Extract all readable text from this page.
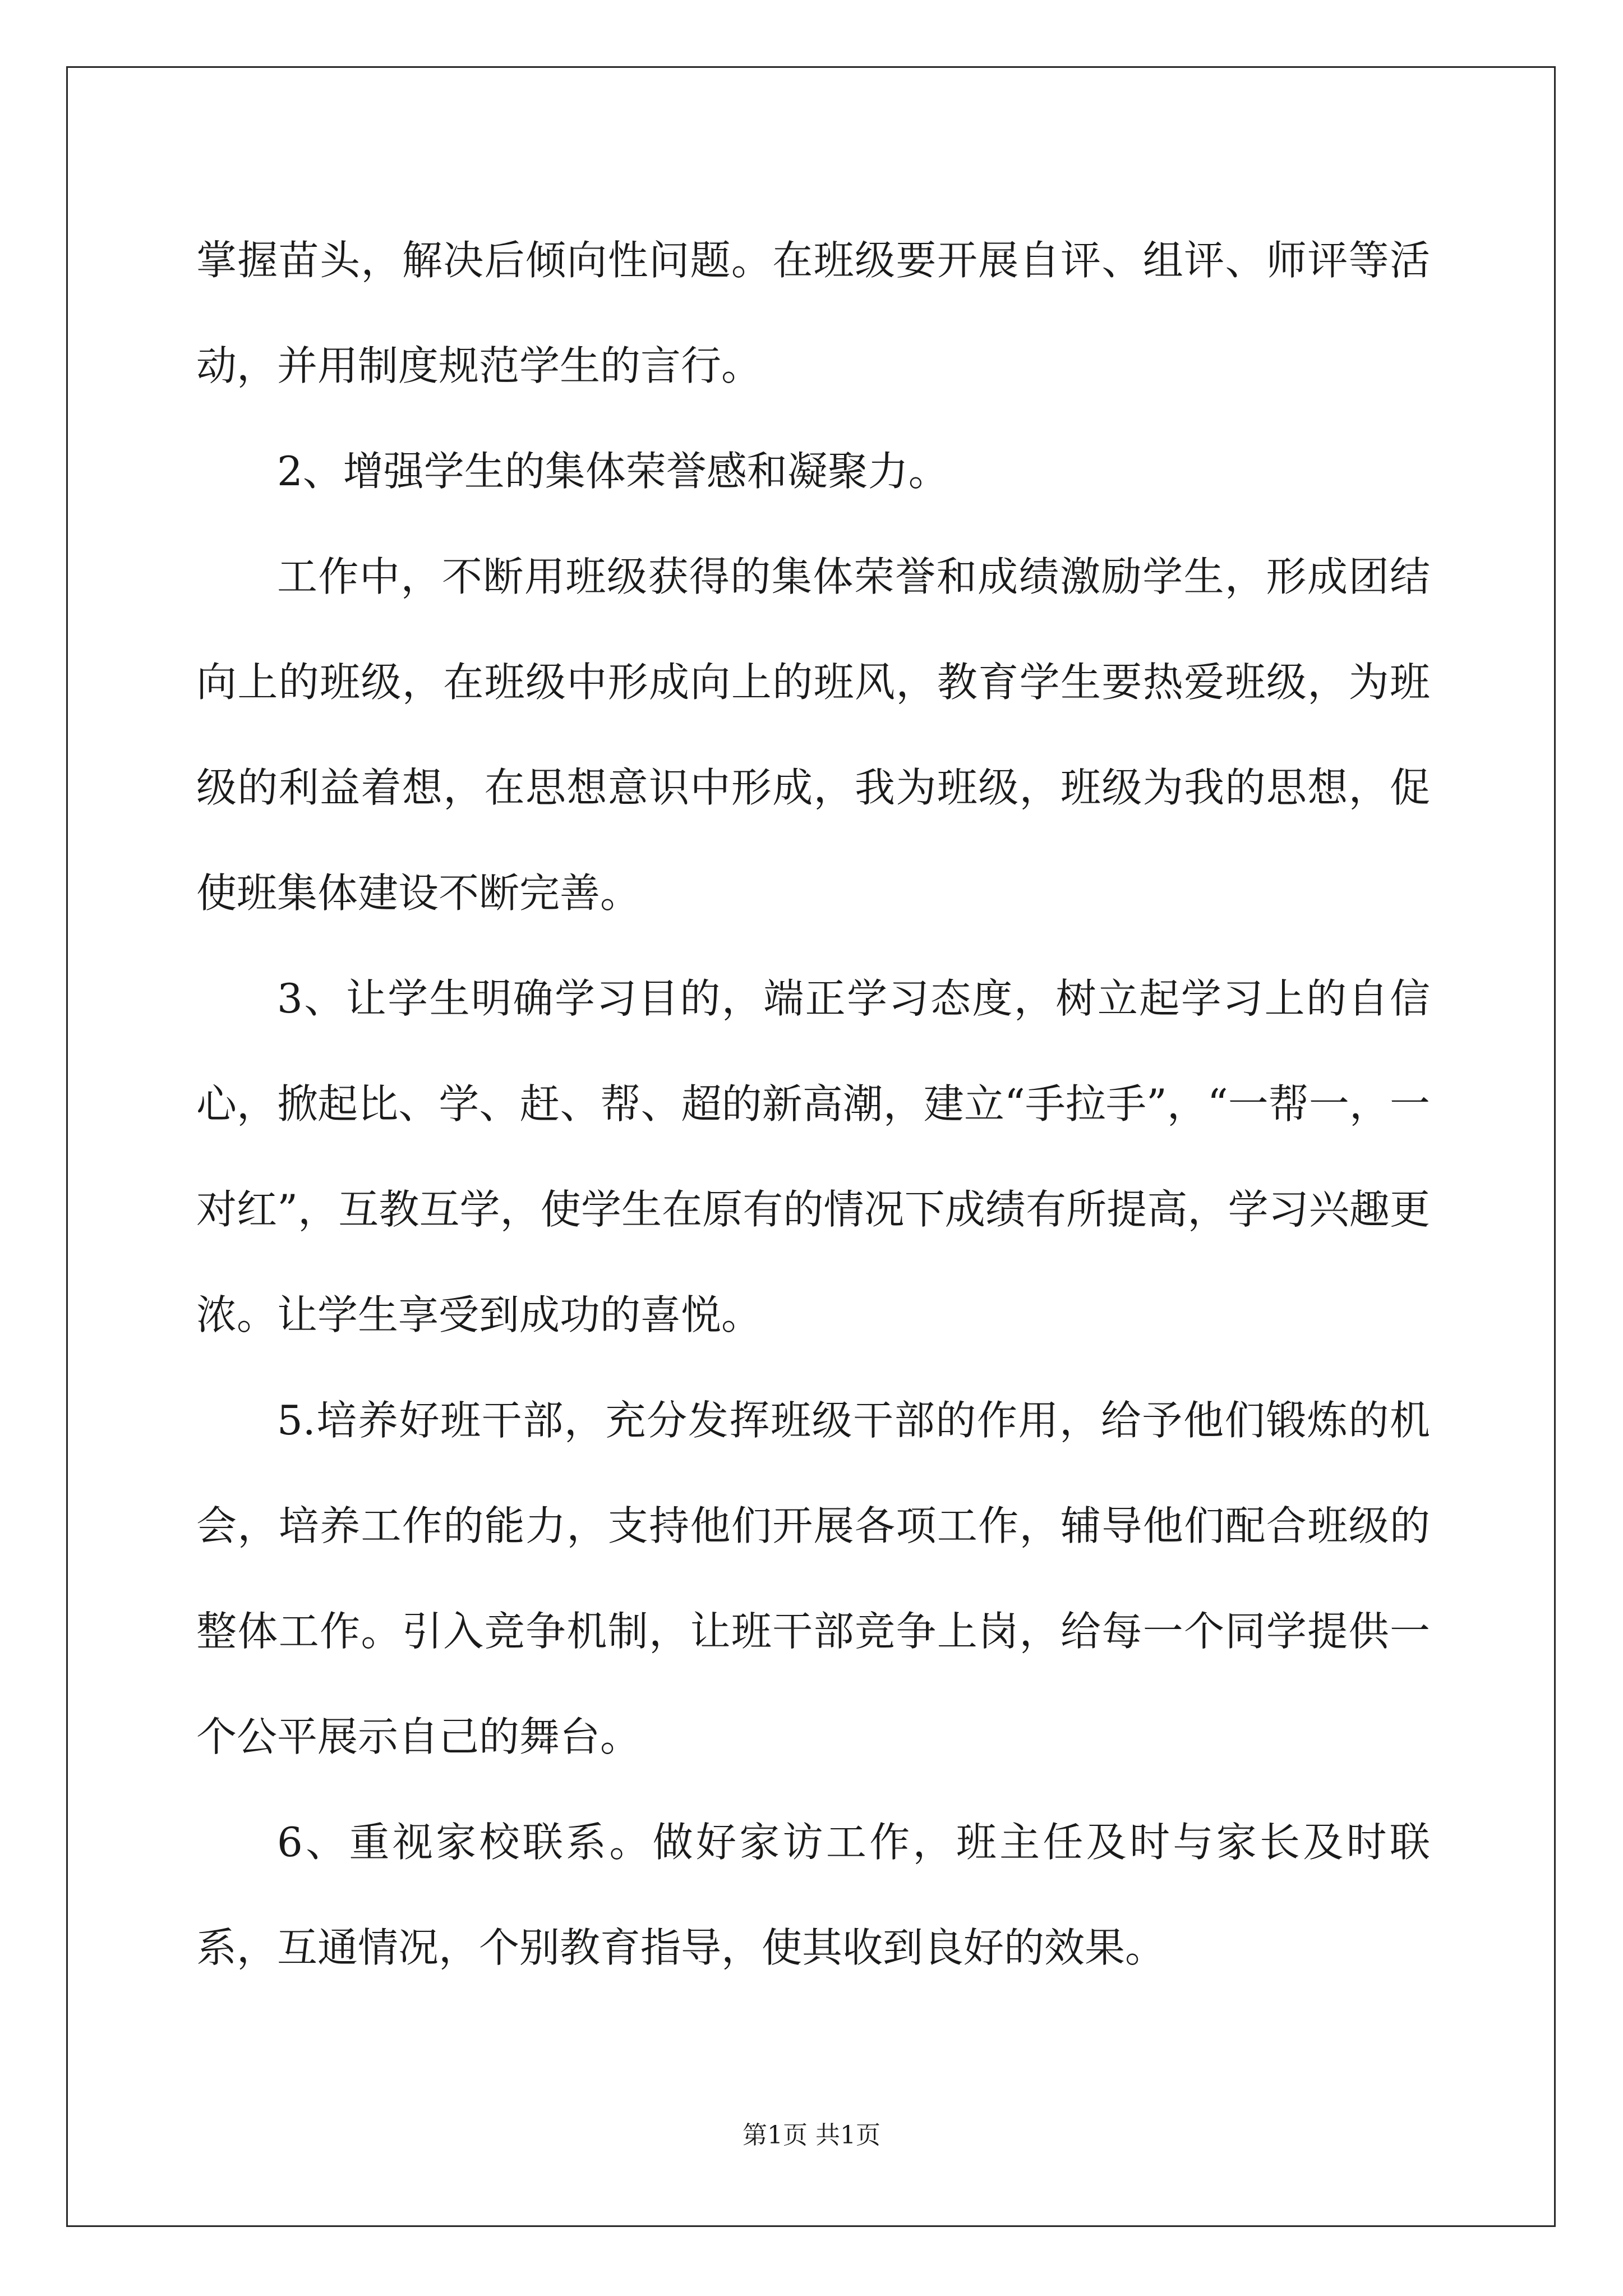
掌握苗头，解决后倾向性问题。在班级要开展自评、组评、师评等活动，并用制度规范学生的言行。

2、增强学生的集体荣誉感和凝聚力。

工作中，不断用班级获得的集体荣誉和成绩激励学生，形成团结向上的班级，在班级中形成向上的班风，教育学生要热爱班级，为班级的利益着想，在思想意识中形成，我为班级，班级为我的思想，促使班集体建设不断完善。

3、让学生明确学习目的，端正学习态度，树立起学习上的自信心，掀起比、学、赶、帮、超的新高潮，建立“手拉手”，“一帮一，一对红”，互教互学，使学生在原有的情况下成绩有所提高，学习兴趣更浓。让学生享受到成功的喜悦。

5.培养好班干部，充分发挥班级干部的作用，给予他们锻炼的机会，培养工作的能力，支持他们开展各项工作，辅导他们配合班级的整体工作。引入竞争机制，让班干部竞争上岗，给每一个同学提供一个公平展示自己的舞台。

6、重视家校联系。做好家访工作，班主任及时与家长及时联系，互通情况，个别教育指导，使其收到良好的效果。

第1页 共1页
